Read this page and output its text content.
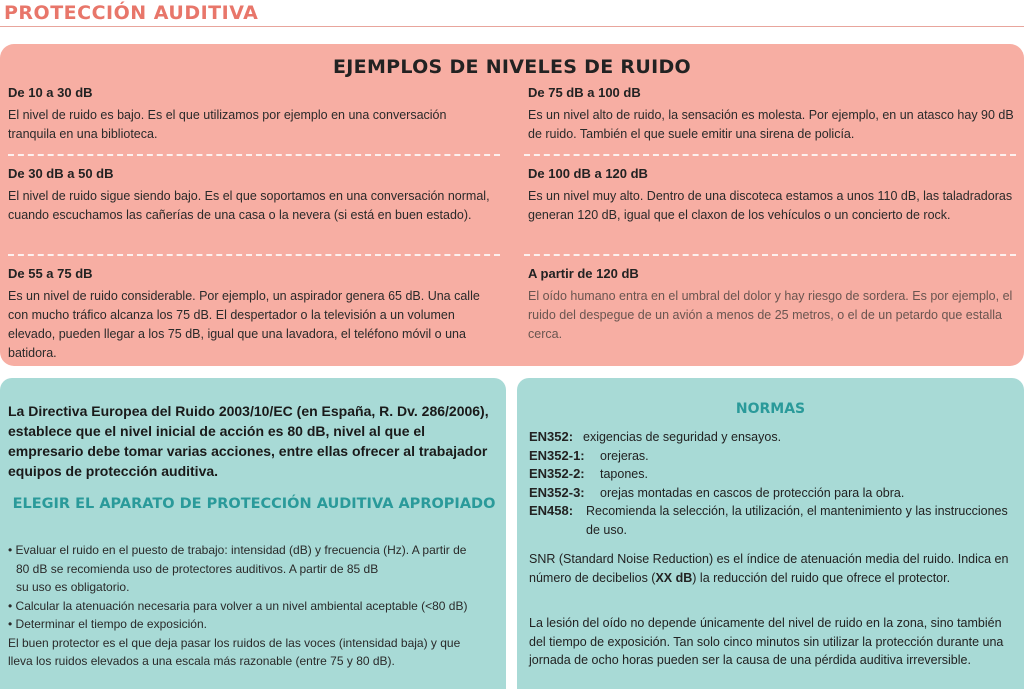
PROTECCIÓN AUDITIVA
EJEMPLOS DE NIVELES DE RUIDO
De 10 a 30 dB
El nivel de ruido es bajo. Es el que utilizamos por ejemplo en una conversación tranquila en una biblioteca.
De 30 dB a 50 dB
El nivel de ruido sigue siendo bajo. Es el que soportamos en una conversación normal, cuando escuchamos las cañerías de una casa o la nevera (si está en buen estado).
De 55 a 75 dB
Es un nivel de ruido considerable. Por ejemplo, un aspirador genera 65 dB. Una calle con mucho tráfico alcanza los 75 dB. El despertador o la televisión a un volumen elevado, pueden llegar a los 75 dB, igual que una lavadora, el teléfono móvil o una batidora.
De 75 dB a 100 dB
Es un nivel alto de ruido, la sensación es molesta. Por ejemplo, en un atasco hay 90 dB de ruido. También el que suele emitir una sirena de policía.
De 100 dB a 120 dB
Es un nivel muy alto. Dentro de una discoteca estamos a unos 110 dB, las taladradoras generan 120 dB, igual que el claxon de los vehículos o un concierto de rock.
A partir de 120 dB
El oído humano entra en el umbral del dolor y hay riesgo de sordera. Es por ejemplo, el ruido del despegue de un avión a menos de 25 metros, o el de un petardo que estalla cerca.
La Directiva Europea del Ruido 2003/10/EC (en España, R. Dv. 286/2006), establece que el nivel inicial de acción es 80 dB, nivel al que el empresario debe tomar varias acciones, entre ellas ofrecer al trabajador equipos de protección auditiva.
ELEGIR EL APARATO DE PROTECCIÓN AUDITIVA APROPIADO
• Evaluar el ruido en el puesto de trabajo: intensidad (dB) y frecuencia (Hz). A partir de
80 dB se recomienda uso de protectores auditivos. A partir de 85 dB
su uso es obligatorio.
• Calcular la atenuación necesaria para volver a un nivel ambiental aceptable (<80 dB)
• Determinar el tiempo de exposición.
El buen protector es el que deja pasar los ruidos de las voces (intensidad baja) y que
lleva los ruidos elevados a una escala más razonable (entre 75 y 80 dB).
NORMAS
EN352: exigencias de seguridad y ensayos.
EN352-1:	orejeras.
EN352-2:	tapones.
EN352-3:	orejas montadas en cascos de protección para la obra.
EN458:	Recomienda la selección, la utilización, el mantenimiento y las instrucciones de uso.
SNR (Standard Noise Reduction) es el índice de atenuación media del ruido. Indica en número de decibelios (XX dB) la reducción del ruido que ofrece el protector.
La lesión del oído no depende únicamente del nivel de ruido en la zona, sino también del tiempo de exposición. Tan solo cinco minutos sin utilizar la protección durante una jornada de ocho horas pueden ser la causa de una pérdida auditiva irreversible.
